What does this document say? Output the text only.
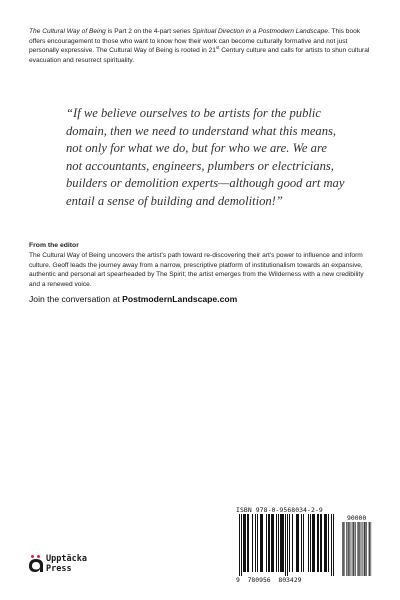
The Cultural Way of Being is Part 2 on the 4-part series Spiritual Direction in a Postmodern Landscape. This book offers encouragement to those who want to know how their work can become culturally formative and not just personally expressive. The Cultural Way of Being is rooted in 21st Century culture and calls for artists to shun cultural evacuation and resurrect spirituality.
“If we believe ourselves to be artists for the public domain, then we need to understand what this means, not only for what we do, but for who we are. We are not accountants, engineers, plumbers or electricians, builders or demolition experts—although good art may entail a sense of building and demolition!”
From the editor
The Cultural Way of Being uncovers the artist’s path toward re-discovering their art’s power to influence and inform culture. Geoff leads the journey away from a narrow, prescriptive platform of institutionalism towards an expansive, authentic and personal art spearheaded by The Spirit; the artist emerges from the Wilderness with a new credibility and a renewed voice.
Join the conversation at PostmodernLandscape.com
Upptäcka
Press
ISBN 978-0-9568034-2-9
90000
9 780956 803429
